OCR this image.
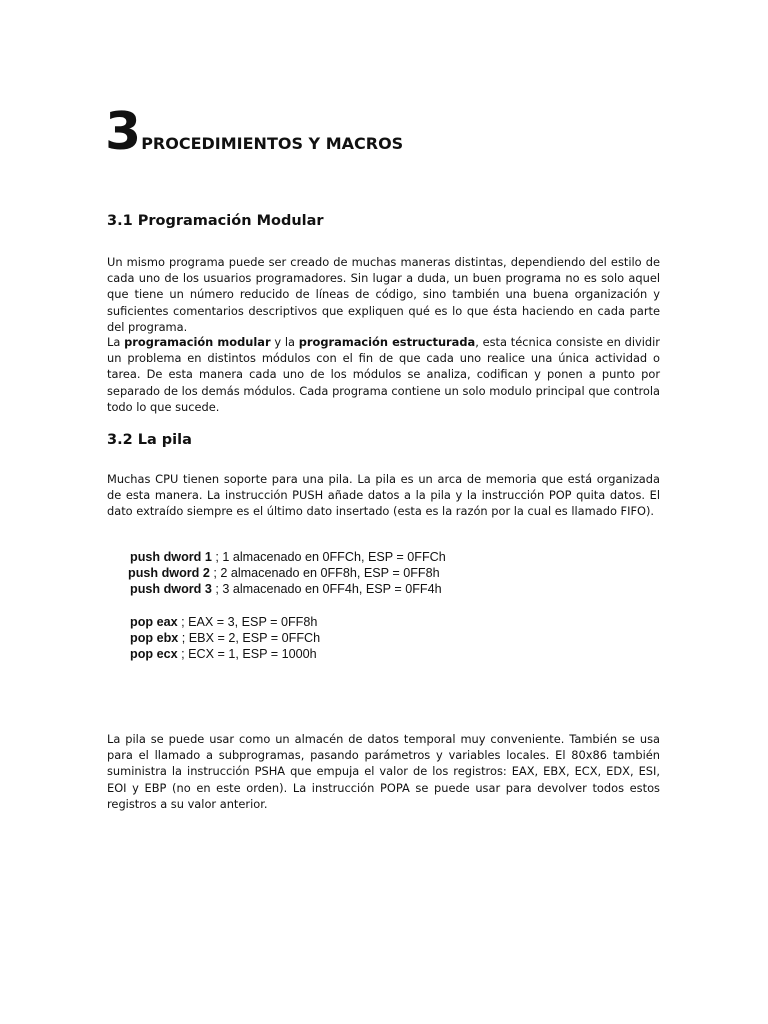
3PROCEDIMIENTOS Y MACROS
3.1 Programación Modular

Un mismo programa puede ser creado de muchas maneras distintas, dependiendo del estilo de cada uno de los usuarios programadores. Sin lugar a duda, un buen programa no es solo aquel que tiene un número reducido de líneas de código, sino también una buena organización y suficientes comentarios descriptivos que expliquen qué es lo que ésta haciendo en cada parte del programa.

La programación modular y la programación estructurada, esta técnica consiste en dividir un problema en distintos módulos con el fin de que cada uno realice una única actividad o tarea. De esta manera cada uno de los módulos se analiza, codifican y ponen a punto por separado de los demás módulos. Cada programa contiene un solo modulo principal que controla todo lo que sucede.

3.2 La pila

Muchas CPU tienen soporte para una pila. La pila es un arca de memoria que está organizada de esta manera. La instrucción PUSH añade datos a la pila y la instrucción POP quita datos. El dato extraído siempre es el último dato insertado (esta es la razón por la cual es llamado FIFO).

push dword 1 ; 1 almacenado en 0FFCh, ESP = 0FFCh
push dword 2 ; 2 almacenado en 0FF8h, ESP = 0FF8h
push dword 3 ; 3 almacenado en 0FF4h, ESP = 0FF4h
pop eax ; EAX = 3, ESP = 0FF8h
pop ebx ; EBX = 2, ESP = 0FFCh
pop ecx ; ECX = 1, ESP = 1000h

La pila se puede usar como un almacén de datos temporal muy conveniente. También se usa para el llamado a subprogramas, pasando parámetros y variables locales. El 80x86 también suministra la instrucción PSHA que empuja el valor de los registros: EAX, EBX, ECX, EDX, ESI, EOI y EBP (no en este orden). La instrucción POPA se puede usar para devolver todos estos registros a su valor anterior.
